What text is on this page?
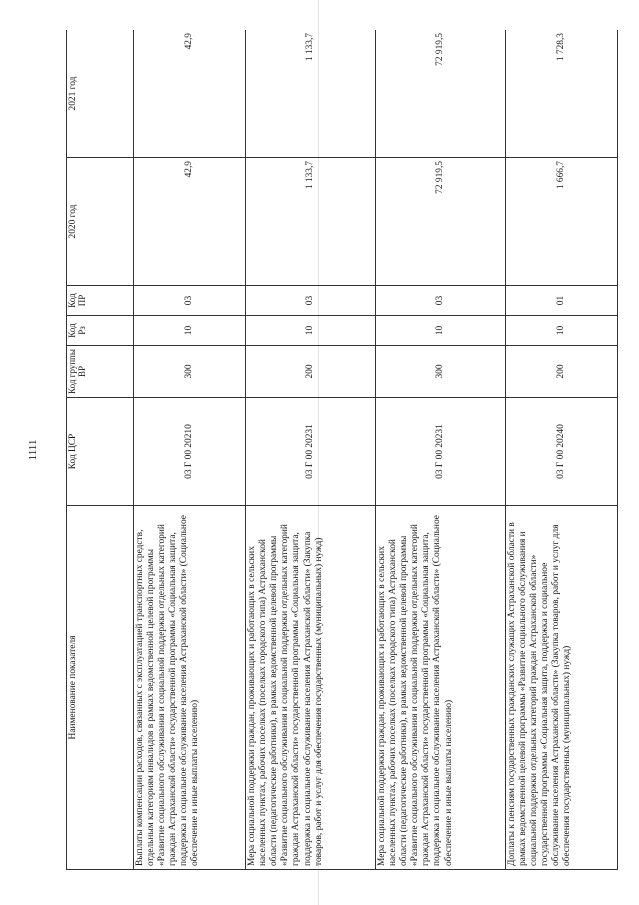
1111
Наименование показателя	Код ЦСР	Код группы ВР	Код Рз	Код ПР	2020 год	2021 год
Выплаты компенсации расходов, связанных с эксплуатацией транспортных средств, отдельным категориям инвалидов в рамках ведомственной целевой программы «Развитие социального обслуживания и социальной поддержки отдельных категорий граждан Астраханской области» государственной программы «Социальная защита, поддержка и социальное обслуживание населения Астраханской области» (Социальное обеспечение и иные выплаты населению)	03 Г 00 20210	300	10	03	42,9	42,9
Мера социальной поддержки граждан, проживающих и работающих в сельских населенных пунктах, рабочих поселках (поселках городского типа) Астраханской области (педагогические работники), в рамках ведомственной целевой программы «Развитие социального обслуживания и социальной поддержки отдельных категорий граждан Астраханской области» государственной программы «Социальная защита, поддержка и социальное обслуживание населения Астраханской области» (Закупка товаров, работ и услуг для обеспечения государственных (муниципальных) нужд)	03 Г 00 20231	200	10	03	1 133,7	1 133,7
Мера социальной поддержки граждан, проживающих и работающих в сельских населенных пунктах, рабочих поселках (поселках городского типа) Астраханской области (педагогические работники), в рамках ведомственной целевой программы «Развитие социального обслуживания и социальной поддержки отдельных категорий граждан Астраханской области» государственной программы «Социальная защита, поддержка и социальное обслуживание населения Астраханской области» (Социальное обеспечение и иные выплаты населению)	03 Г 00 20231	300	10	03	72 919,5	72 919,5
Доплаты к пенсиям государственных гражданских служащих Астраханской области в рамках ведомственной целевой программы «Развитие социального обслуживания и социальной поддержки отдельных категорий граждан Астраханской области» государственной программы «Социальная защита, поддержка и социальное обслуживание населения Астраханской области» (Закупка товаров, работ и услуг для обеспечения государственных (муниципальных) нужд)	03 Г 00 20240	200	10	01	1 666,7	1 728,3
